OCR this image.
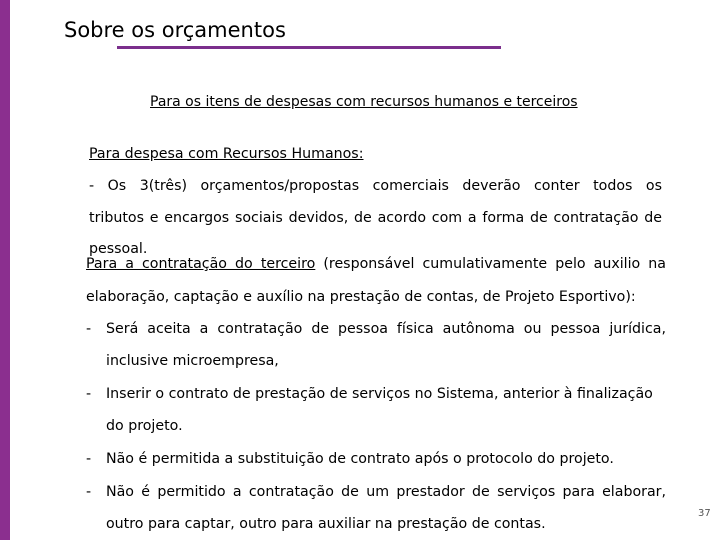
Sobre os orçamentos
Para os itens de despesas com recursos humanos e terceiros
Para despesa com Recursos Humanos:
- Os 3(três) orçamentos/propostas comerciais deverão conter todos os
tributos e encargos sociais devidos, de acordo com a forma de contratação de
pessoal.
Para a contratação do terceiro (responsável cumulativamente pelo auxilio na
elaboração, captação e auxílio na prestação de contas, de Projeto Esportivo):
- Será aceita a contratação de pessoa física autônoma ou pessoa jurídica,
inclusive microempresa,
- Inserir o contrato de prestação de serviços no Sistema, anterior à finalização
do projeto.
- Não é permitida a substituição de contrato após o protocolo do projeto.
- Não é permitido a contratação de um prestador de serviços para elaborar,
outro para captar, outro para auxiliar na prestação de contas.
37
